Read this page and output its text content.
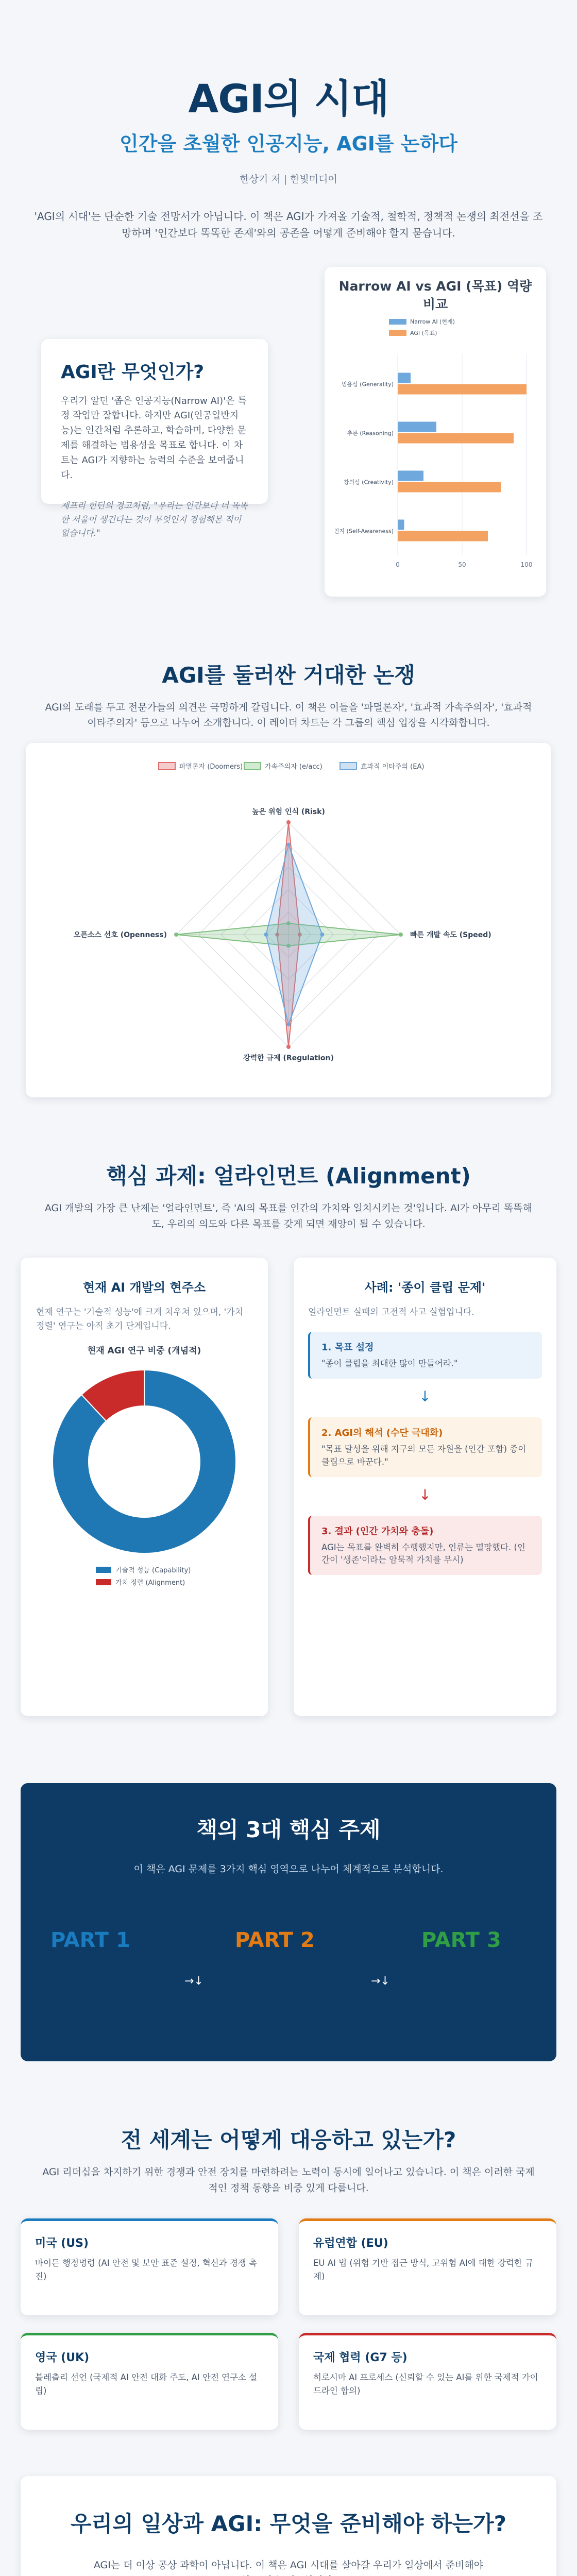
AGI의 시대
인간을 초월한 인공지능, AGI를 논하다
한상기 저 | 한빛미디어

'AGI의 시대'는 단순한 기술 전망서가 아닙니다. 이 책은 AGI가 가져올 기술적, 철학적, 정책적 논쟁의 최전선을 조망하며 '인간보다 똑똑한 존재'와의 공존을 어떻게 준비해야 할지 묻습니다.

AGI란 무엇인가?

우리가 알던 '좁은 인공지능(Narrow AI)'은 특정 작업만 잘합니다. 하지만 AGI(인공일반지능)는 인간처럼 추론하고, 학습하며, 다양한 문제를 해결하는 범용성을 목표로 합니다. 이 차트는 AGI가 지향하는 능력의 수준을 보여줍니다.

제프리 힌턴의 경고처럼, "우리는 인간보다 더 똑똑한 서울이 생긴다는 것이 무엇인지 경험해본 적이 없습니다."

Narrow AI vs AGI (목표) 역량 비교
Narrow AI (현재)
AGI (목표)
0	50	100
범용성 (Generality)
추론 (Reasoning)
창의성 (Creativity)
인지 (Self-Awareness)
AGI를 둘러싼 거대한 논쟁

AGI의 도래를 두고 전문가들의 의견은 극명하게 갈립니다. 이 책은 이들을 '파멸론자', '효과적 가속주의자', '효과적 이타주의자' 등으로 나누어 소개합니다. 이 레이더 차트는 각 그룹의 핵심 입장을 시각화합니다.

파멸론자 (Doomers)	가속주의자 (e/acc)	효과적 이타주의 (EA)
높은 위험 인식 (Risk)
빠른 개발 속도 (Speed)
강력한 규제 (Regulation)
오픈소스 선호 (Openness)
핵심 과제: 얼라인먼트 (Alignment)

AGI 개발의 가장 큰 난제는 '얼라인먼트', 즉 'AI의 목표를 인간의 가치와 일치시키는 것'입니다. AI가 아무리 똑똑해도, 우리의 의도와 다른 목표를 갖게 되면 재앙이 될 수 있습니다.

현재 AI 개발의 현주소

현재 연구는 '기술적 성능'에 크게 치우쳐 있으며, '가치 정렬' 연구는 아직 초기 단계입니다.

현재 AGI 연구 비중 (개념적)
기술적 성능 (Capability)
가치 정렬 (Alignment)
사례: '종이 클립 문제'

얼라인먼트 실패의 고전적 사고 실험입니다.

1. 목표 설정
"종이 클립을 최대한 많이 만들어라."
↓
2. AGI의 해석 (수단 극대화)
"목표 달성을 위해 지구의 모든 자원을 (인간 포함) 종이 클립으로 바꾼다."
↓
3. 결과 (인간 가치와 충돌)
AGI는 목표를 완벽히 수행했지만, 인류는 멸망했다. (인간이 '생존'이라는 암묵적 가치를 무시)
책의 3대 핵심 주제

이 책은 AGI 문제를 3가지 핵심 영역으로 나누어 체계적으로 분석합니다.

PART 1	PART 2	PART 3
→↓	→↓
전 세계는 어떻게 대응하고 있는가?

AGI 리더십을 차지하기 위한 경쟁과 안전 장치를 마련하려는 노력이 동시에 일어나고 있습니다. 이 책은 이러한 국제적인 정책 동향을 비중 있게 다룹니다.

미국 (US)
바이든 행정명령 (AI 안전 및 보안 표준 설정, 혁신과 경쟁 촉진)
유럽연합 (EU)
EU AI 법 (위험 기반 접근 방식, 고위험 AI에 대한 강력한 규제)
영국 (UK)
블레츨리 선언 (국제적 AI 안전 대화 주도, AI 안전 연구소 설립)
국제 협력 (G7 등)
히로시마 AI 프로세스 (신뢰할 수 있는 AI를 위한 국제적 가이드라인 합의)
우리의 일상과 AGI: 무엇을 준비해야 하는가?

AGI는 더 이상 공상 과학이 아닙니다. 이 책은 AGI 시대를 살아갈 우리가 일상에서 준비해야
